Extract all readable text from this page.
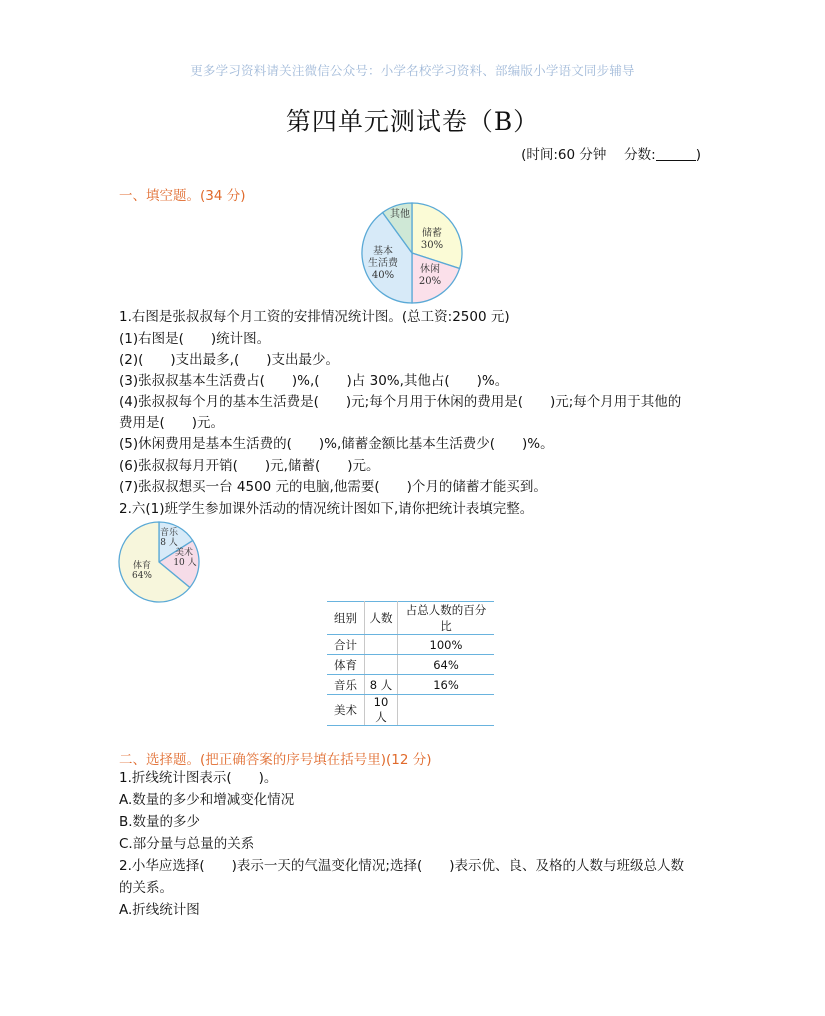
更多学习资料请关注微信公众号：小学名校学习资料、部编版小学语文同步辅导
第四单元测试卷（B）
(时间:60 分钟　 分数:	)
一、填空题。(34 分)
储蓄
30%
休闲
20%
基本
生活费
40%
其他
1.右图是张叔叔每个月工资的安排情况统计图。(总工资:2500 元)
(1)右图是(　　)统计图。
(2)(　　)支出最多,(　　)支出最少。
(3)张叔叔基本生活费占(　　)%,(　　)占 30%,其他占(　　)%。
(4)张叔叔每个月的基本生活费是(　　)元;每个月用于休闲的费用是(　　)元;每个月用于其他的
费用是(　　)元。
(5)休闲费用是基本生活费的(　　)%,储蓄金额比基本生活费少(　　)%。
(6)张叔叔每月开销(　　)元,储蓄(　　)元。
(7)张叔叔想买一台 4500 元的电脑,他需要(　　)个月的储蓄才能买到。
2.六(1)班学生参加课外活动的情况统计图如下,请你把统计表填完整。
音乐
8 人
美术
10 人
体育
64%
组别	人数	占总人数的百分比
合计		100%
体育		64%
音乐	8 人	16%
美术	10 人	
二、选择题。(把正确答案的序号填在括号里)(12 分)
1.折线统计图表示(　　)。
A.数量的多少和增减变化情况
B.数量的多少
C.部分量与总量的关系
2.小华应选择(　　)表示一天的气温变化情况;选择(　　)表示优、良、及格的人数与班级总人数
的关系。
A.折线统计图
